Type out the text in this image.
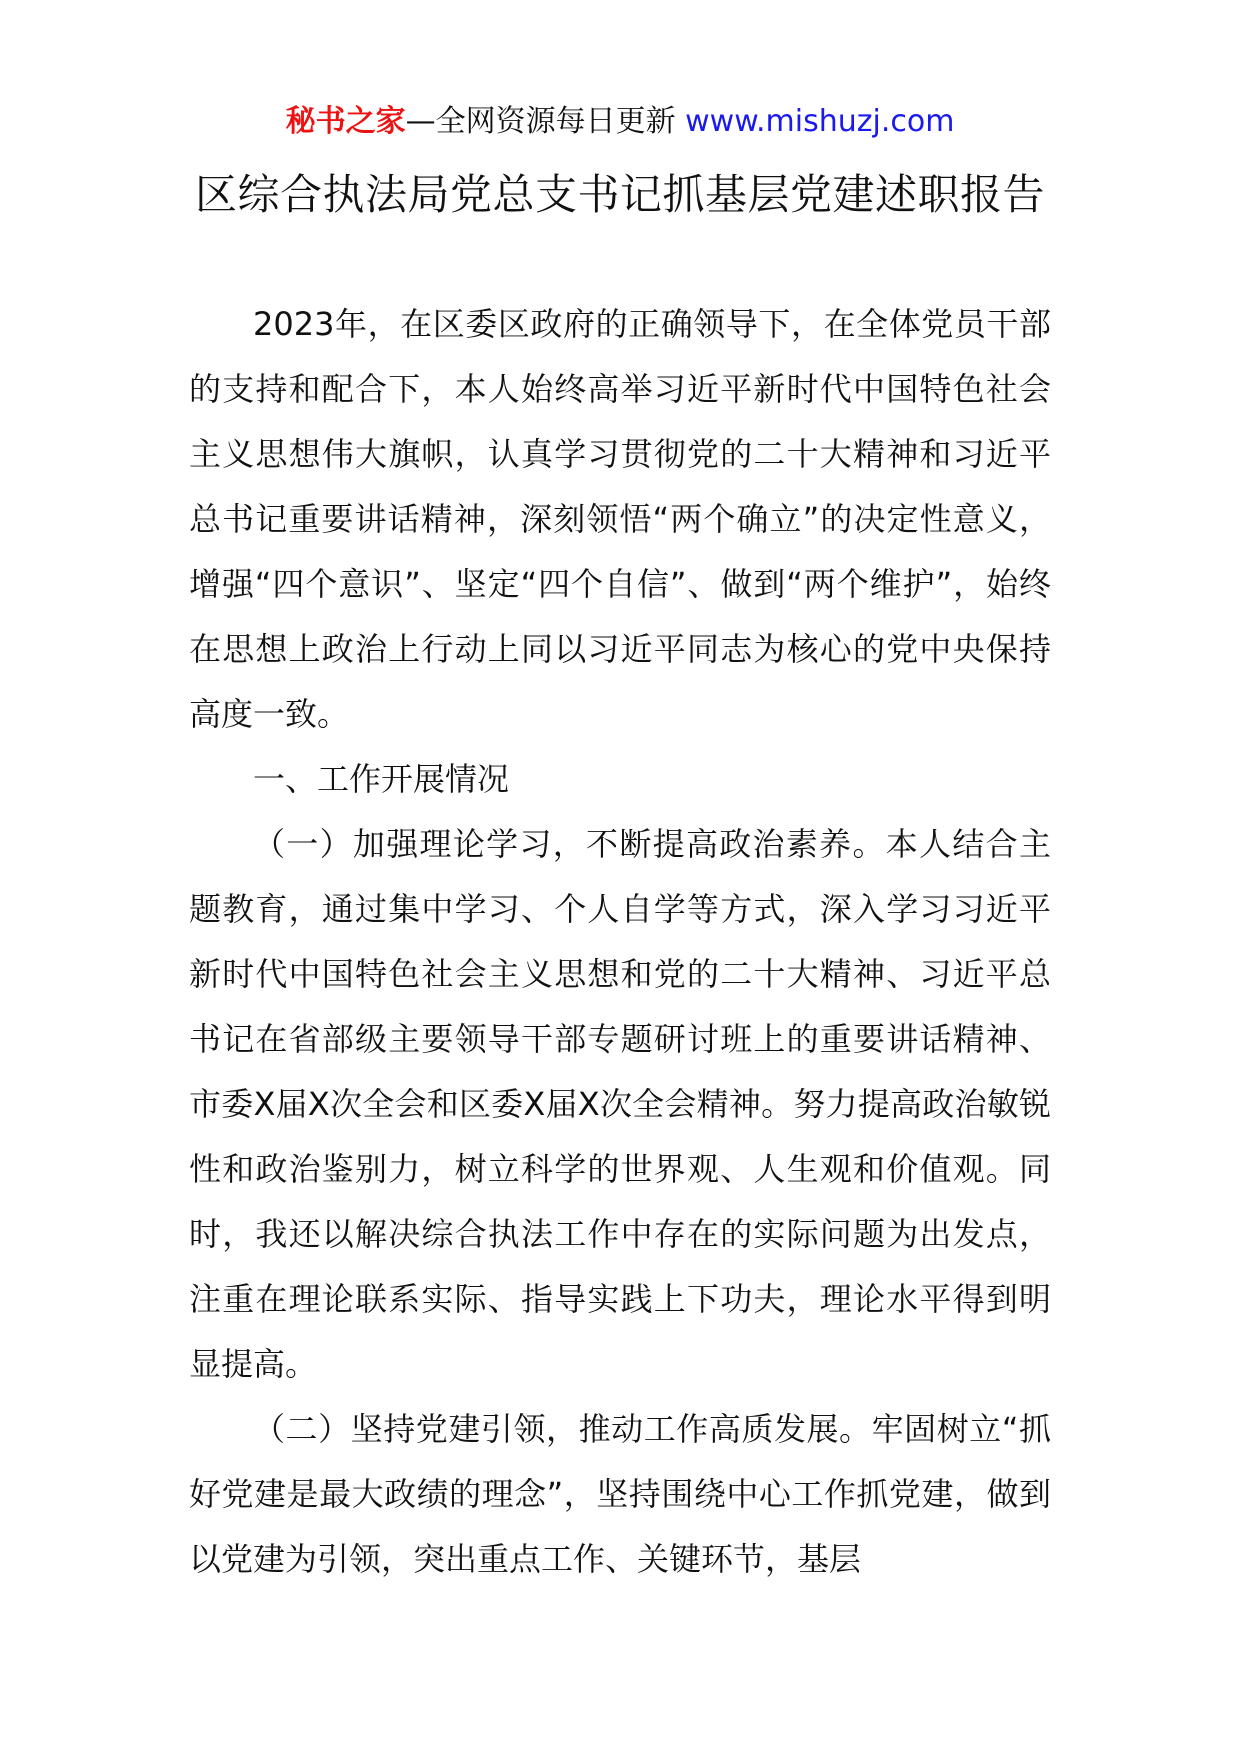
秘书之家—全网资源每日更新 www.mishuzj.com
区综合执法局党总支书记抓基层党建述职报告

2023年，在区委区政府的正确领导下，在全体党员干部的支持和配合下，本人始终高举习近平新时代中国特色社会主义思想伟大旗帜，认真学习贯彻党的二十大精神和习近平总书记重要讲话精神，深刻领悟“两个确立”的决定性意义，增强“四个意识”、坚定“四个自信”、做到“两个维护”，始终在思想上政治上行动上同以习近平同志为核心的党中央保持高度一致。

一、工作开展情况

（一）加强理论学习，不断提高政治素养。本人结合主题教育，通过集中学习、个人自学等方式，深入学习习近平新时代中国特色社会主义思想和党的二十大精神、习近平总书记在省部级主要领导干部专题研讨班上的重要讲话精神、市委X届X次全会和区委X届X次全会精神。努力提高政治敏锐性和政治鉴别力，树立科学的世界观、人生观和价值观。同时，我还以解决综合执法工作中存在的实际问题为出发点，注重在理论联系实际、指导实践上下功夫，理论水平得到明显提高。

（二）坚持党建引领，推动工作高质发展。牢固树立“抓好党建是最大政绩的理念”，坚持围绕中心工作抓党建，做到以党建为引领，突出重点工作、关键环节，基层
